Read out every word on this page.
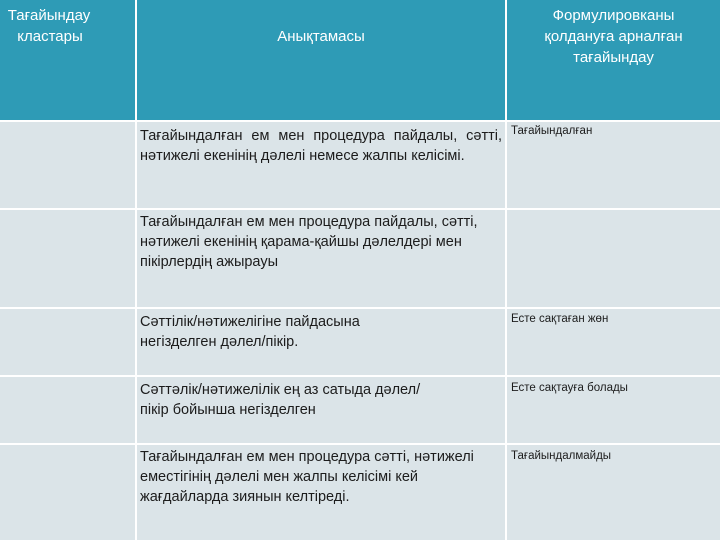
Тағайындау
кластары	Анықтамасы
Формулировканы
қолдануға арналған
тағайындау
Тағайындалған ем мен процедура пайдалы, сәтті, нәтижелі екенінің дәлелі немесе жалпы келісімі.
Тағайындалған
Тағайындалған ем мен процедура пайдалы, сәтті, нәтижелі екенінің қарама-қайшы дәлелдері мен пікірлердің ажырауы
Сәттілік/нәтижелігіне пайдасына негізделген дәлел/пікір.
Есте сақтаған жөн
Сәттәлік/нәтижелілік ең аз сатыда дәлел/пікір бойынша негізделген
Есте сақтауға болады
Тағайындалған ем мен процедура сәтті, нәтижелі еместігінің дәлелі мен жалпы келісімі кей жағдайларда зиянын келтіреді.
Тағайындалмайды
